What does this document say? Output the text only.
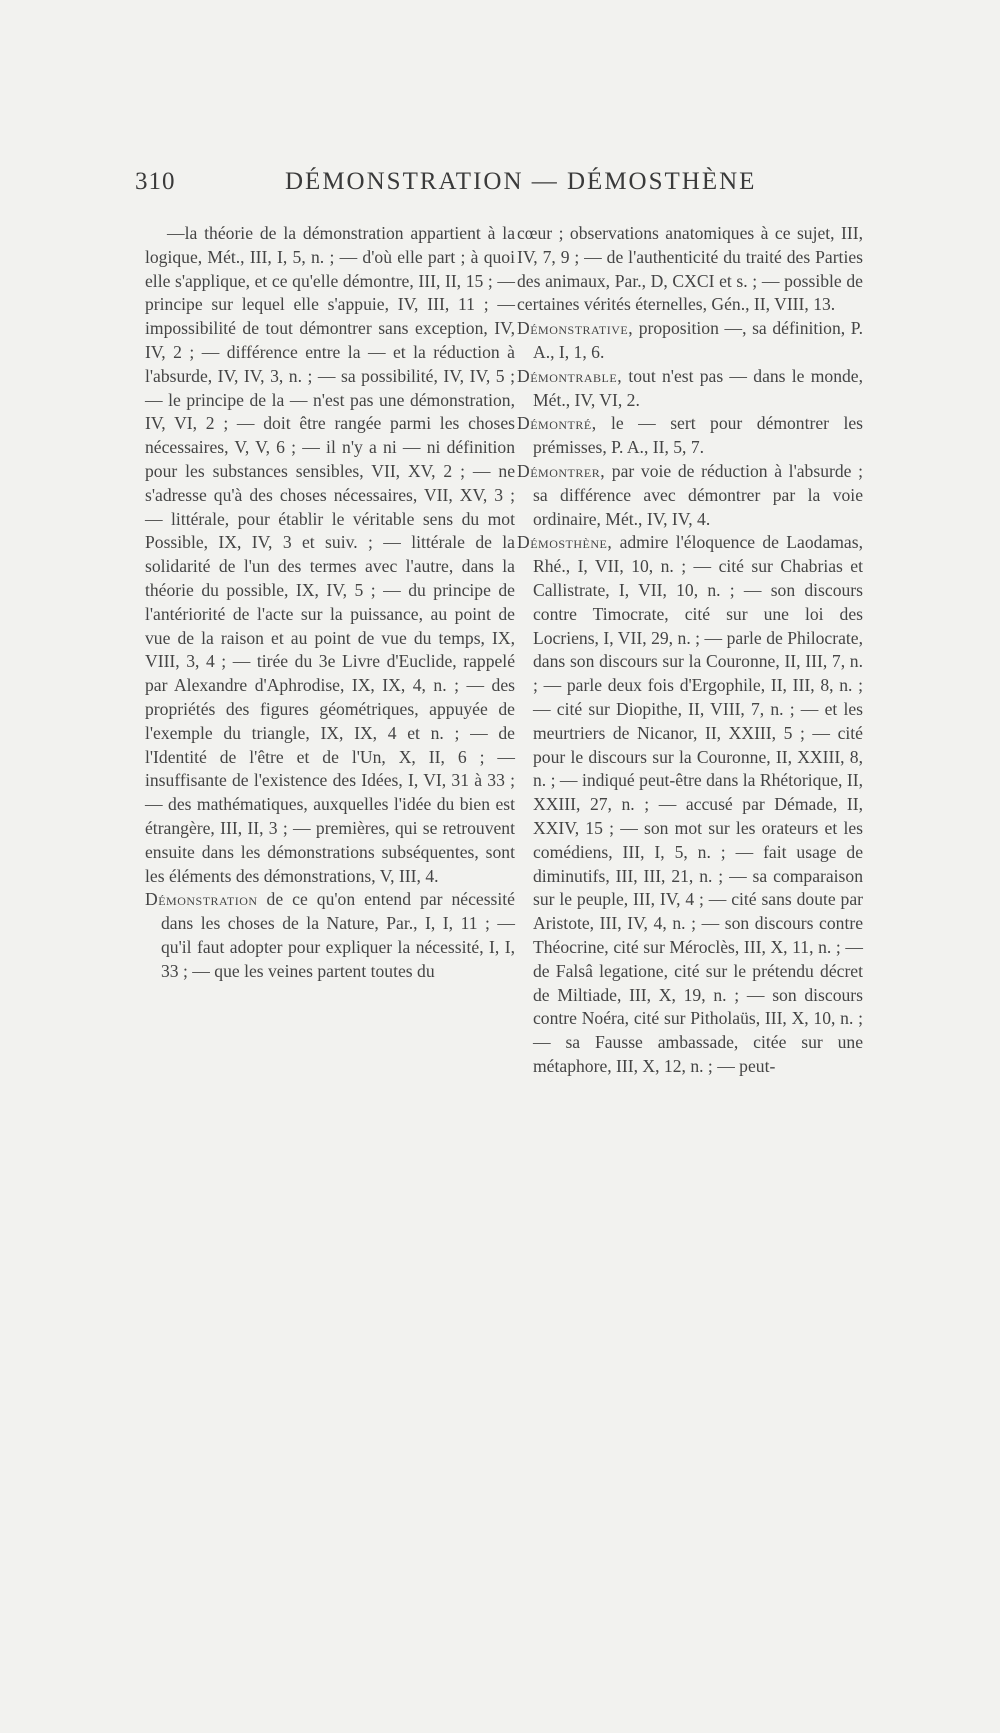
310	DÉMONSTRATION — DÉMOSTHÈNE

—la théorie de la démonstration appartient à la logique, Mét., III, I, 5, n. ; — d'où elle part ; à quoi elle s'applique, et ce qu'elle démontre, III, II, 15 ; — principe sur lequel elle s'appuie, IV, III, 11 ; — impossibilité de tout démontrer sans exception, IV, IV, 2 ; — différence entre la — et la réduction à l'absurde, IV, IV, 3, n. ; — sa possibilité, IV, IV, 5 ; — le principe de la — n'est pas une démonstration, IV, VI, 2 ; — doit être rangée parmi les choses nécessaires, V, V, 6 ; — il n'y a ni — ni définition pour les substances sensibles, VII, XV, 2 ; — ne s'adresse qu'à des choses nécessaires, VII, XV, 3 ; — littérale, pour établir le véritable sens du mot Possible, IX, IV, 3 et suiv. ; — littérale de la solidarité de l'un des termes avec l'autre, dans la théorie du possible, IX, IV, 5 ; — du principe de l'antériorité de l'acte sur la puissance, au point de vue de la raison et au point de vue du temps, IX, VIII, 3, 4 ; — tirée du 3e Livre d'Euclide, rappelé par Alexandre d'Aphrodise, IX, IX, 4, n. ; — des propriétés des figures géométriques, appuyée de l'exemple du triangle, IX, IX, 4 et n. ; — de l'Identité de l'être et de l'Un, X, II, 6 ; — insuffisante de l'existence des Idées, I, VI, 31 à 33 ; — des mathématiques, auxquelles l'idée du bien est étrangère, III, II, 3 ; — premières, qui se retrouvent ensuite dans les démonstrations subséquentes, sont les éléments des démonstrations, V, III, 4.

Démonstration de ce qu'on entend par nécessité dans les choses de la Nature, Par., I, I, 11 ; — qu'il faut adopter pour expliquer la nécessité, I, I, 33 ; — que les veines partent toutes du

cœur ; observations anatomiques à ce sujet, III, IV, 7, 9 ; — de l'authenticité du traité des Parties des animaux, Par., D, CXCI et s. ; — possible de certaines vérités éternelles, Gén., II, VIII, 13.

Démonstrative, proposition —, sa définition, P. A., I, 1, 6.

Démontrable, tout n'est pas — dans le monde, Mét., IV, VI, 2.

Démontré, le — sert pour démontrer les prémisses, P. A., II, 5, 7.

Démontrer, par voie de réduction à l'absurde ; sa différence avec démontrer par la voie ordinaire, Mét., IV, IV, 4.

Démosthène, admire l'éloquence de Laodamas, Rhé., I, VII, 10, n. ; — cité sur Chabrias et Callistrate, I, VII, 10, n. ; — son discours contre Timocrate, cité sur une loi des Locriens, I, VII, 29, n. ; — parle de Philocrate, dans son discours sur la Couronne, II, III, 7, n. ; — parle deux fois d'Ergophile, II, III, 8, n. ; — cité sur Diopithe, II, VIII, 7, n. ; — et les meurtriers de Nicanor, II, XXIII, 5 ; — cité pour le discours sur la Couronne, II, XXIII, 8, n. ; — indiqué peut-être dans la Rhétorique, II, XXIII, 27, n. ; — accusé par Démade, II, XXIV, 15 ; — son mot sur les orateurs et les comédiens, III, I, 5, n. ; — fait usage de diminutifs, III, III, 21, n. ; — sa comparaison sur le peuple, III, IV, 4 ; — cité sans doute par Aristote, III, IV, 4, n. ; — son discours contre Théocrine, cité sur Méroclès, III, X, 11, n. ; — de Falsâ legatione, cité sur le prétendu décret de Miltiade, III, X, 19, n. ; — son discours contre Noéra, cité sur Pitholaüs, III, X, 10, n. ; — sa Fausse ambassade, citée sur une métaphore, III, X, 12, n. ; — peut-
